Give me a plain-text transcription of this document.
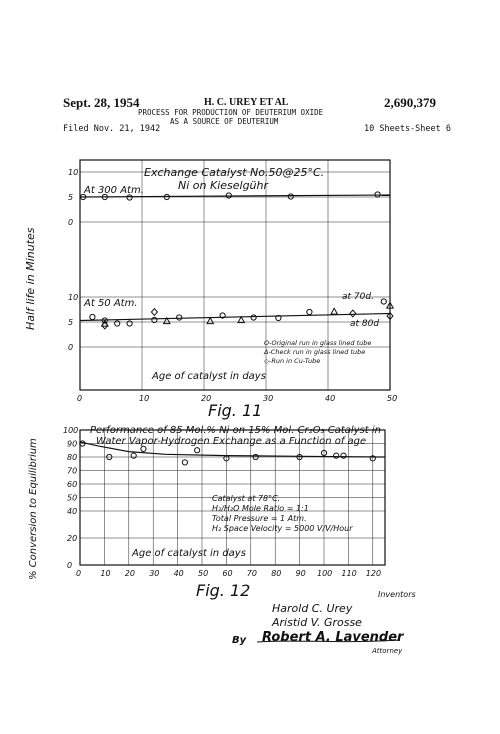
Sept. 28, 1954	H. C. UREY ET AL	2,690,379
PROCESS FOR PRODUCTION OF DEUTERIUM OXIDE
AS A SOURCE OF DEUTERIUM
Filed Nov. 21, 1942	10 Sheets-Sheet 6
0	10	20	30	40	50
0
5
10
0
5
10
Exchange Catalyst No.50@25°C.
Ni on Kieselgühr
At 300 Atm.
At 50 Atm.
at 70d.
at 80d
O-Original run in glass lined tube
Δ-Check run in glass lined tube
◇-Run in Cu-Tube
Age of catalyst in days
Half life in Minutes
Fig. 11
0 10 20 30 40 50 60 70 80 90 100 110 120
0
20
40
50
60
70
80
90
100 Performance of 85 Mol.% Ni on 15% Mol. Cr₂O₃ Catalyst in
Water Vapor-Hydrogen Exchange as a Function of age
Catalyst at 78°C.
H₂/H₂O Mole Ratio = 1:1
Total Pressure = 1 Atm.
H₂ Space Velocity = 5000 V/V/Hour
Age of catalyst in days
% Conversion to Equilibrium
Fig. 12	Inventors
Harold C. Urey
Aristid V. Grosse
By Robert A. Lavender
Attorney
